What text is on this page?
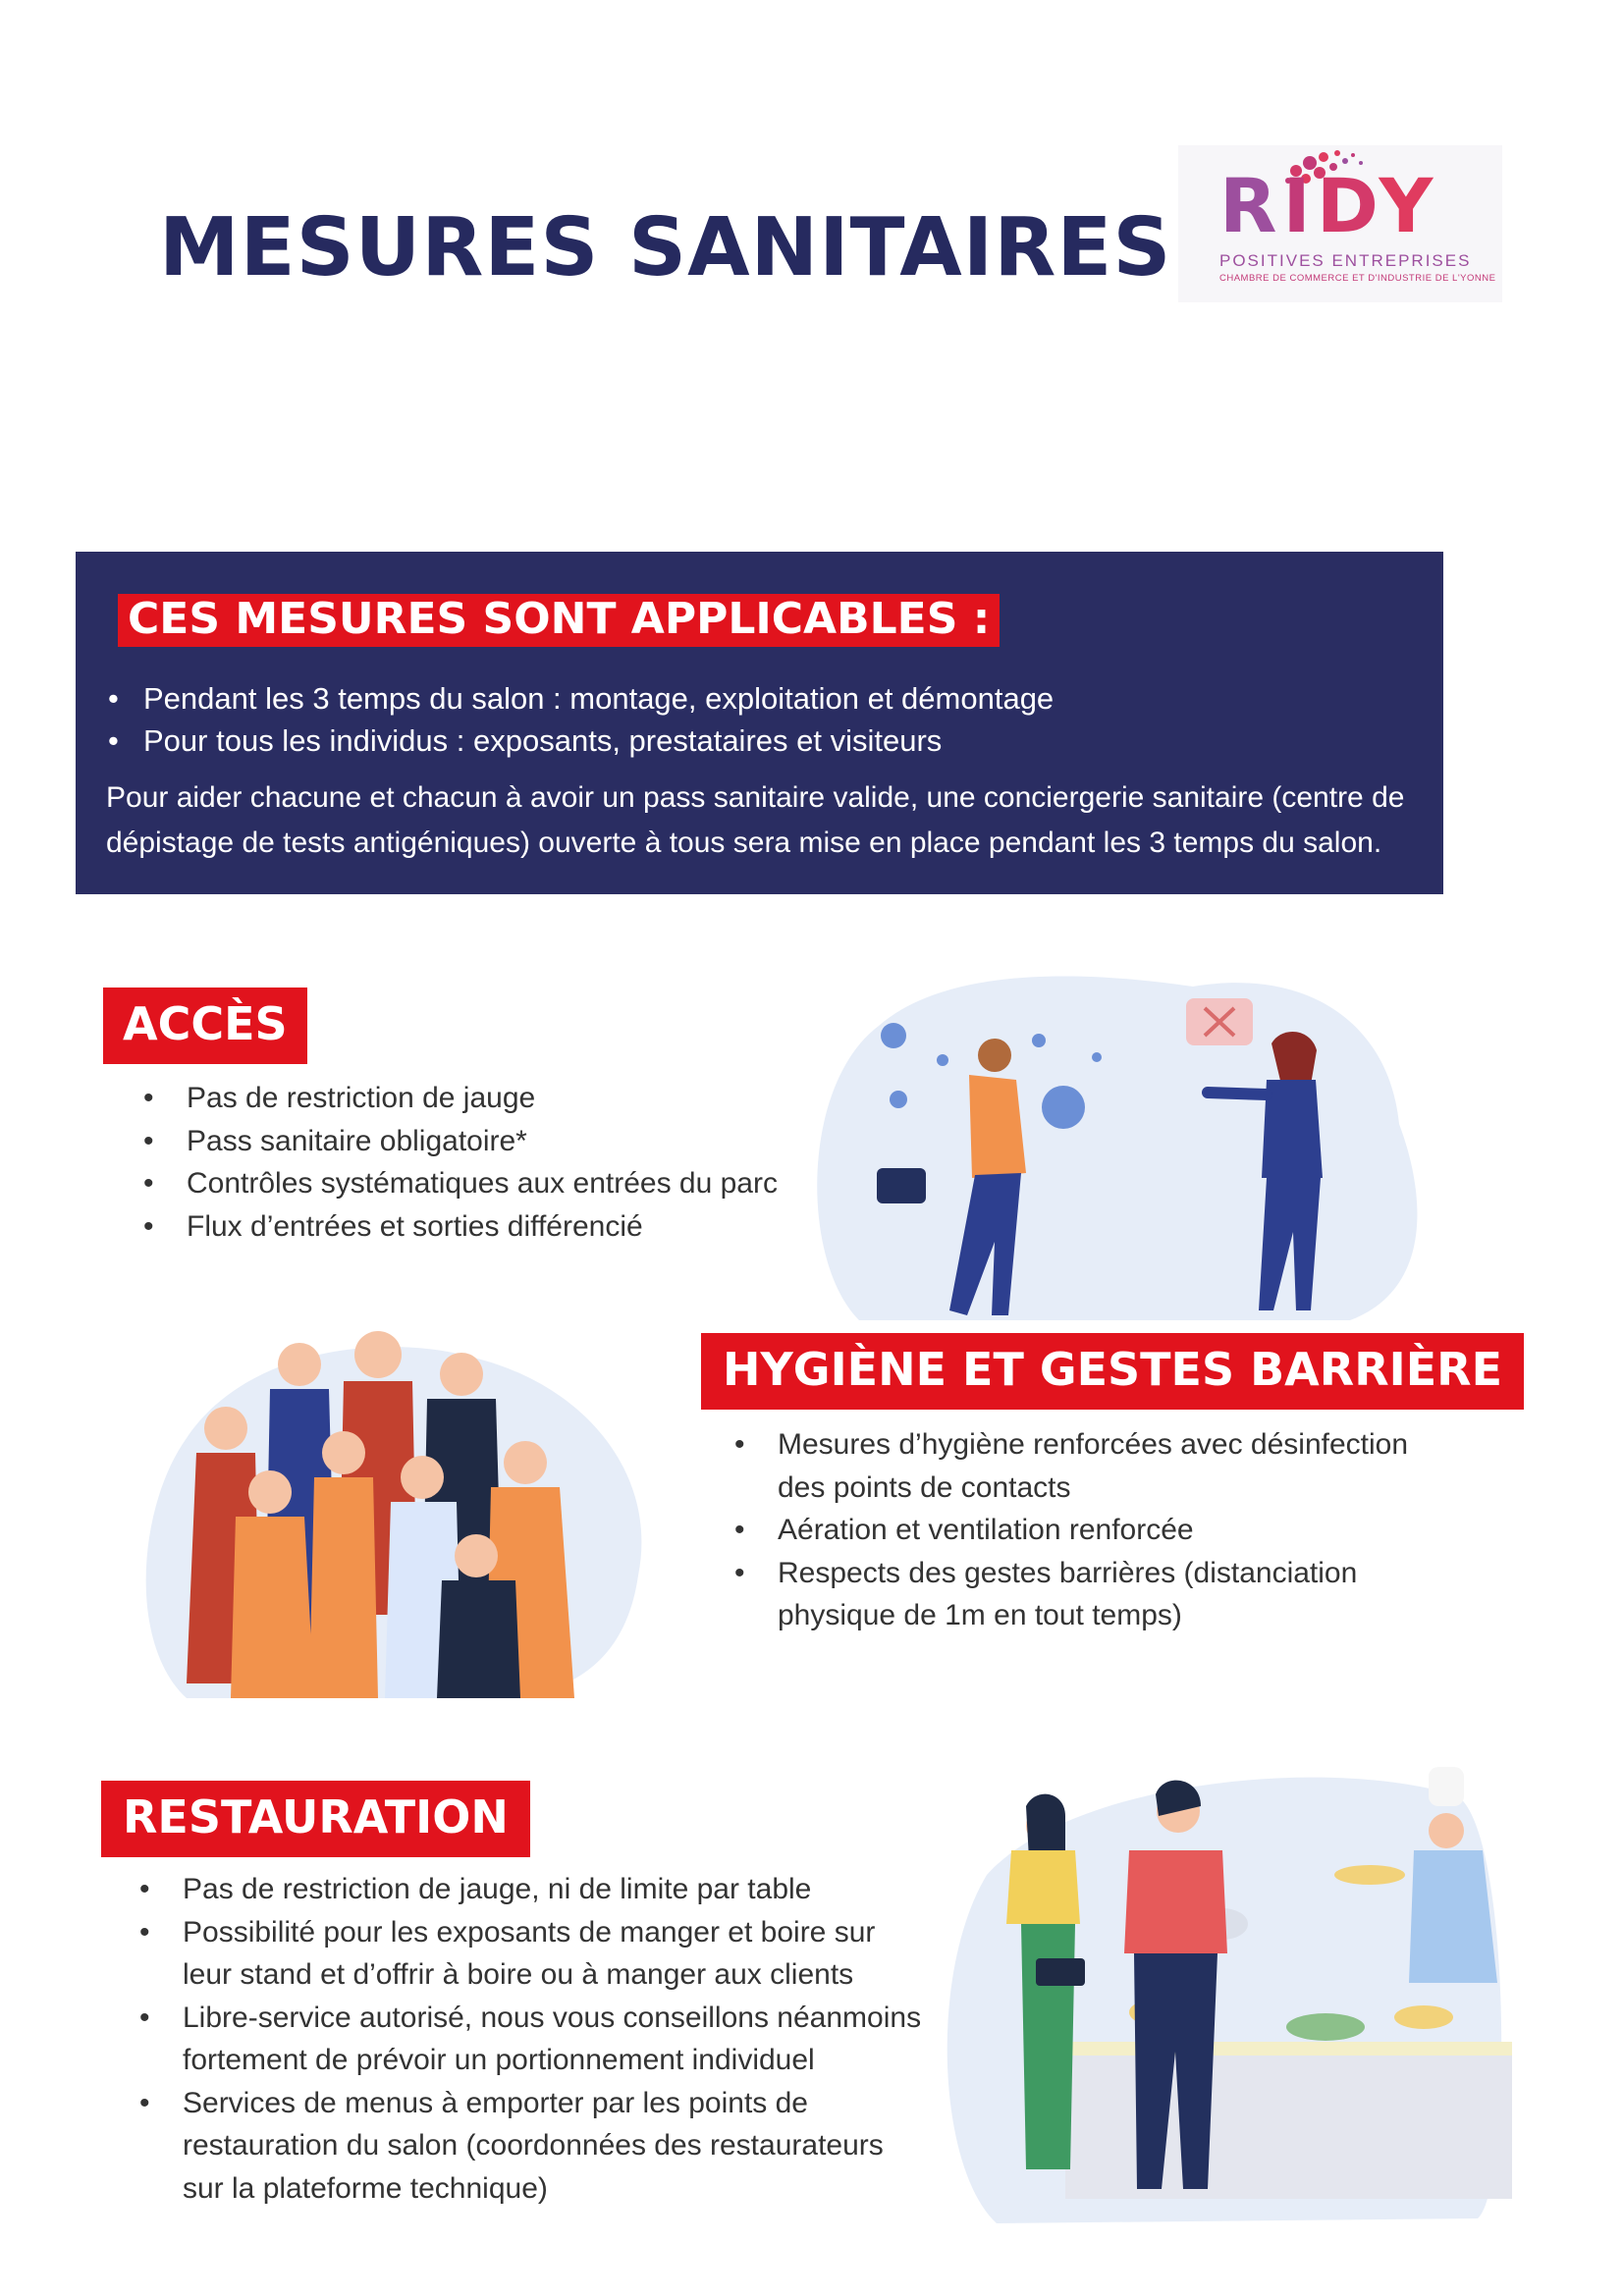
MESURES SANITAIRES RIDY
POSITIVES ENTREPRISES
CHAMBRE DE COMMERCE ET D'INDUSTRIE DE L'YONNE
CES MESURES SONT APPLICABLES :
• Pendant les 3 temps du salon : montage, exploitation et démontage
• Pour tous les individus : exposants, prestataires et visiteurs
Pour aider chacune et chacun à avoir un pass sanitaire valide, une conciergerie sanitaire (centre de dépistage de tests antigéniques) ouverte à tous sera mise en place pendant les 3 temps du salon.
ACCÈS
• Pas de restriction de jauge
• Pass sanitaire obligatoire*
• Contrôles systématiques aux entrées du parc
• Flux d’entrées et sorties différencié
HYGIÈNE ET GESTES BARRIÈRE
• Mesures d’hygiène renforcées avec désinfection des points de contacts
• Aération et ventilation renforcée
• Respects des gestes barrières (distanciation physique de 1m en tout temps)
RESTAURATION
• Pas de restriction de jauge, ni de limite par table
• Possibilité pour les exposants de manger et boire sur leur stand et d’offrir à boire ou à manger aux clients
• Libre-service autorisé, nous vous conseillons néanmoins fortement de prévoir un portionnement individuel
• Services de menus à emporter par les points de restauration du salon (coordonnées des restaurateurs sur la plateforme technique)
